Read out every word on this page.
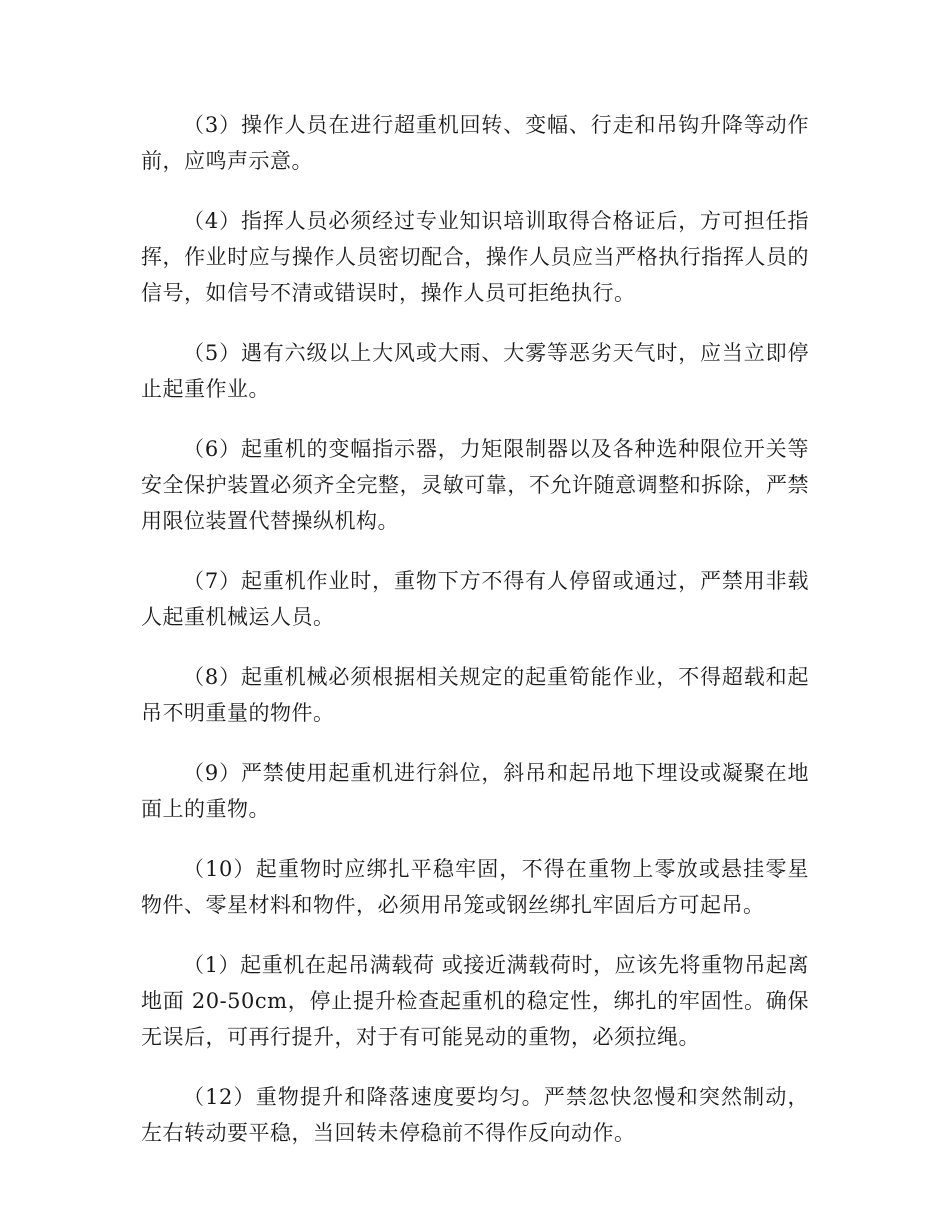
（3）操作人员在进行超重机回转、变幅、行走和吊钩升降等动作前，应鸣声示意。

（4）指挥人员必须经过专业知识培训取得合格证后，方可担任指挥，作业时应与操作人员密切配合，操作人员应当严格执行指挥人员的信号，如信号不清或错误时，操作人员可拒绝执行。

（5）遇有六级以上大风或大雨、大雾等恶劣天气时，应当立即停止起重作业。

（6）起重机的变幅指示器，力矩限制器以及各种选种限位开关等安全保护装置必须齐全完整，灵敏可靠，不允许随意调整和拆除，严禁用限位装置代替操纵机构。

（7）起重机作业时，重物下方不得有人停留或通过，严禁用非载人起重机械运人员。

（8）起重机械必须根据相关规定的起重筍能作业，不得超载和起吊不明重量的物件。

（9）严禁使用起重机进行斜位，斜吊和起吊地下埋设或凝聚在地面上的重物。

（10）起重物时应绑扎平稳牢固，不得在重物上零放或悬挂零星物件、零星材料和物件，必须用吊笼或钢丝绑扎牢固后方可起吊。

（1）起重机在起吊满载荷 或接近满载荷时，应该先将重物吊起离地面 20-50cm，停止提升检查起重机的稳定性，绑扎的牢固性。确保无误后，可再行提升，对于有可能晃动的重物，必须拉绳。

（12）重物提升和降落速度要均匀。严禁忽快忽慢和突然制动，左右转动要平稳，当回转未停稳前不得作反向动作。
